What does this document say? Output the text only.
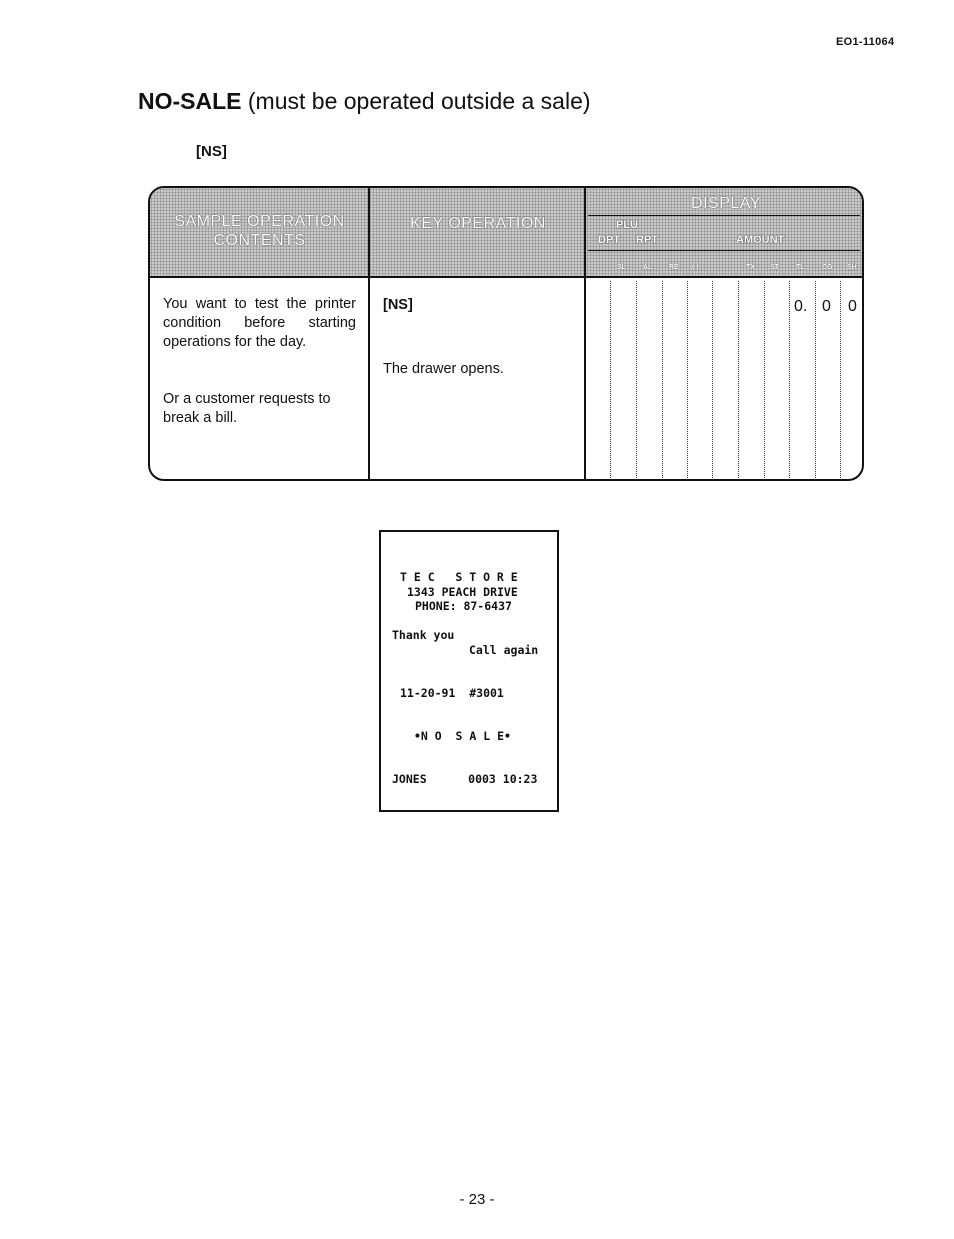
EO1-11064
NO-SALE (must be operated outside a sale)
[NS]
SAMPLE OPERATION
CONTENTS
KEY OPERATION
DISPLAY
PLU
DPT RPT	AMOUNT
SL AL RE ( )	TX ST TL CG SH
You want to test the printer condition before starting operations for the day.
Or a customer requests to break a bill.
[NS]
The drawer opens.
0. 0 0
T E C   S T O R E
1343 PEACH DRIVE
PHONE: 87-6437
Thank you
Call again
11-20-91  #3001
•N O  S A L E•
JONES      0003 10:23
- 23 -
